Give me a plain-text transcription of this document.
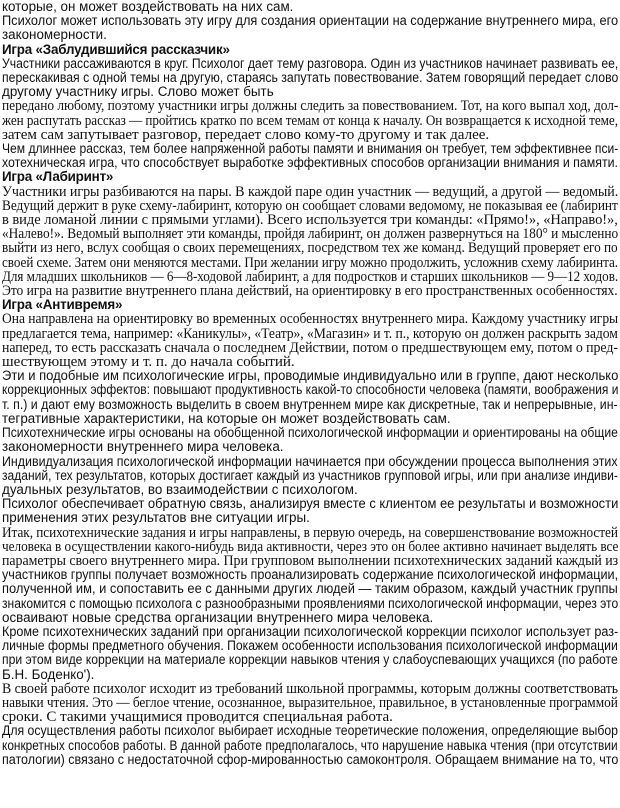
которые, он может воздействовать на них сам.
Психолог может использовать эту игру для создания ориентации на содержание внутреннего мира, его
закономерности.
Игра «Заблудившийся рассказчик»
Участники рассаживаются в круг. Психолог дает тему разговора. Один из участников начинает развивать ее,
перескакивая с одной темы на другую, стараясь запутать повествование. Затем говорящий передает слово
другому участнику игры. Слово может быть
передано любому, поэтому участники игры должны следить за повествованием. Тот, на кого выпал ход, дол-
жен распутать рассказ — пройтись кратко по всем темам от конца к началу. Он возвращается к исходной теме,
затем сам запутывает разговор, передает слово кому-то другому и так далее.
Чем длиннее рассказ, тем более напряженной работы памяти и внимания он требует, тем эффективнее пси-
хотехническая игра, что способствует выработке эффективных способов организации внимания и памяти.
Игра «Лабиринт»
Участники игры разбиваются на пары. В каждой паре один участник — ведущий, а другой — ведомый.
Ведущий держит в руке схему-лабиринт, которую он сообщает словами ведомому, не показывая ее (лабиринт
в виде ломаной линии с прямыми углами). Всего используется три команды: «Прямо!», «Направо!»,
«Налево!». Ведомый выполняет эти команды, пройдя лабиринт, он должен развернуться на 180° и мысленно
выйти из него, вслух сообщая о своих перемещениях, посредством тех же команд. Ведущий проверяет его по
своей схеме. Затем они меняются местами. При желании игру можно продолжить, усложнив схему лабиринта.
Для младших школьников — 6—8-ходовой лабиринт, а для подростков и старших школьников — 9—12 ходов.
Это игра на развитие внутреннего плана действий, на ориентировку в его пространственных особенностях.
Игра «Антивремя»
Она направлена на ориентировку во временных особенностях внутреннего мира. Каждому участнику игры
предлагается тема, например: «Каникулы», «Театр», «Магазин» и т. п., которую он должен раскрыть задом
наперед, то есть рассказать сначала о последнем Действии, потом о предшествующем ему, потом о пред-
шествующем этому и т. п. до начала событий.
Эти и подобные им психологические игры, проводимые индивидуально или в группе, дают несколько
коррекционных эффектов: повышают продуктивность какой-то способности человека (памяти, воображения и
т. п.) и дают ему возможность выделить в своем внутреннем мире как дискретные, так и непрерывные, ин-
тегративные характеристики, на которые он может воздействовать сам.
Психотехнические игры основаны на обобщенной психологической информации и ориентированы на общие
закономерности внутреннего мира человека.
Индивидуализация психологической информации начинается при обсуждении процесса выполнения этих
заданий, тех результатов, которых достигает каждый из участников групповой игры, или при анализе индиви-
дуальных результатов, во взаимодействии с психологом.
Психолог обеспечивает обратную связь, анализируя вместе с клиентом ее результаты и возможности
применения этих результатов вне ситуации игры.
Итак, психотехнические задания и игры направлены, в первую очередь, на совершенствование возможностей
человека в осуществлении какого-нибудь вида активности, через это он более активно начинает выделять все
параметры своего внутреннего мира. При групповом выполнении психотехнических заданий каждый из
участников группы получает возможность проанализировать содержание психологической информации,
полученной им, и сопоставить ее с данными других людей — таким образом, каждый участник группы
знакомится с помощью психолога с разнообразными проявлениями психологической информации, через это
осваивают новые средства организации внутреннего мира человека.
Кроме психотехнических заданий при организации психологической коррекции психолог использует раз-
личные формы предметного обучения. Покажем особенности использования психологической информации
при этом виде коррекции на материале коррекции навыков чтения у слабоуспевающих учащихся (по работе
Б.Н. Боденко').
В своей работе психолог исходит из требований школьной программы, которым должны соответствовать
навыки чтения. Это — беглое чтение, осознанное, выразительное, правильное, в установленные программой
сроки. С такими учащимися проводится специальная работа.
Для осуществления работы психолог выбирает исходные теоретические положения, определяющие выбор
конкретных способов работы. В данной работе предполагалось, что нарушение навыка чтения (при отсутствии
патологии) связано с недостаточной сфор-мированностью самоконтроля. Обращаем внимание на то, что
